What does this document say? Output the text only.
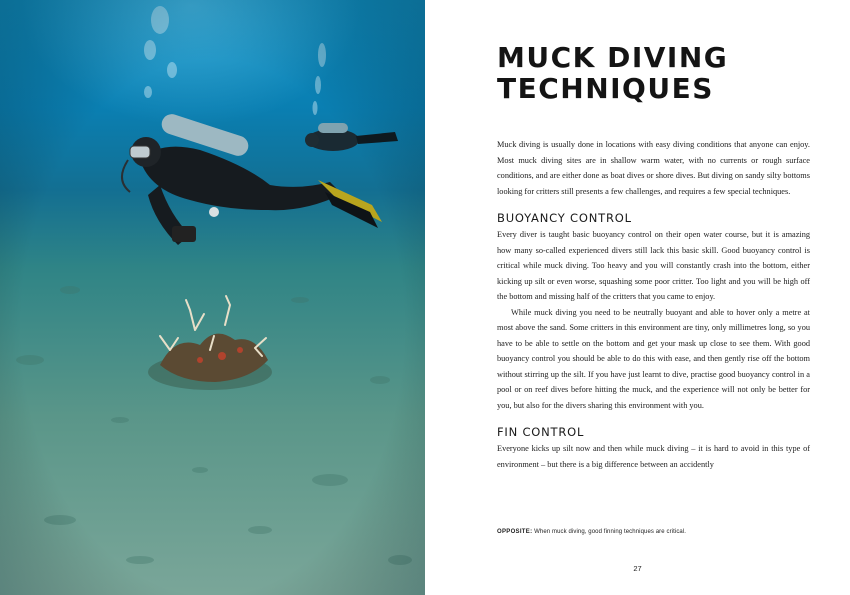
MUCK DIVING
TECHNIQUES

Muck diving is usually done in locations with easy diving conditions that anyone can enjoy. Most muck diving sites are in shallow warm water, with no currents or rough surface conditions, and are either done as boat dives or shore dives. But diving on sandy silty bottoms looking for critters still presents a few challenges, and requires a few special techniques.

BUOYANCY CONTROL

Every diver is taught basic buoyancy control on their open water course, but it is amazing how many so-called experienced divers still lack this basic skill. Good buoyancy control is critical while muck diving. Too heavy and you will constantly crash into the bottom, either kicking up silt or even worse, squashing some poor critter. Too light and you will be high off the bottom and missing half of the critters that you came to enjoy.

While muck diving you need to be neutrally buoyant and able to hover only a metre at most above the sand. Some critters in this environment are tiny, only millimetres long, so you have to be able to settle on the bottom and get your mask up close to see them. With good buoyancy control you should be able to do this with ease, and then gently rise off the bottom without stirring up the silt. If you have just learnt to dive, practise good buoyancy control in a pool or on reef dives before hitting the muck, and the experience will not only be better for you, but also for the divers sharing this environment with you.

FIN CONTROL

Everyone kicks up silt now and then while muck diving – it is hard to avoid in this type of environment – but there is a big difference between an accidently

OPPOSITE: When muck diving, good finning techniques are critical.
27
